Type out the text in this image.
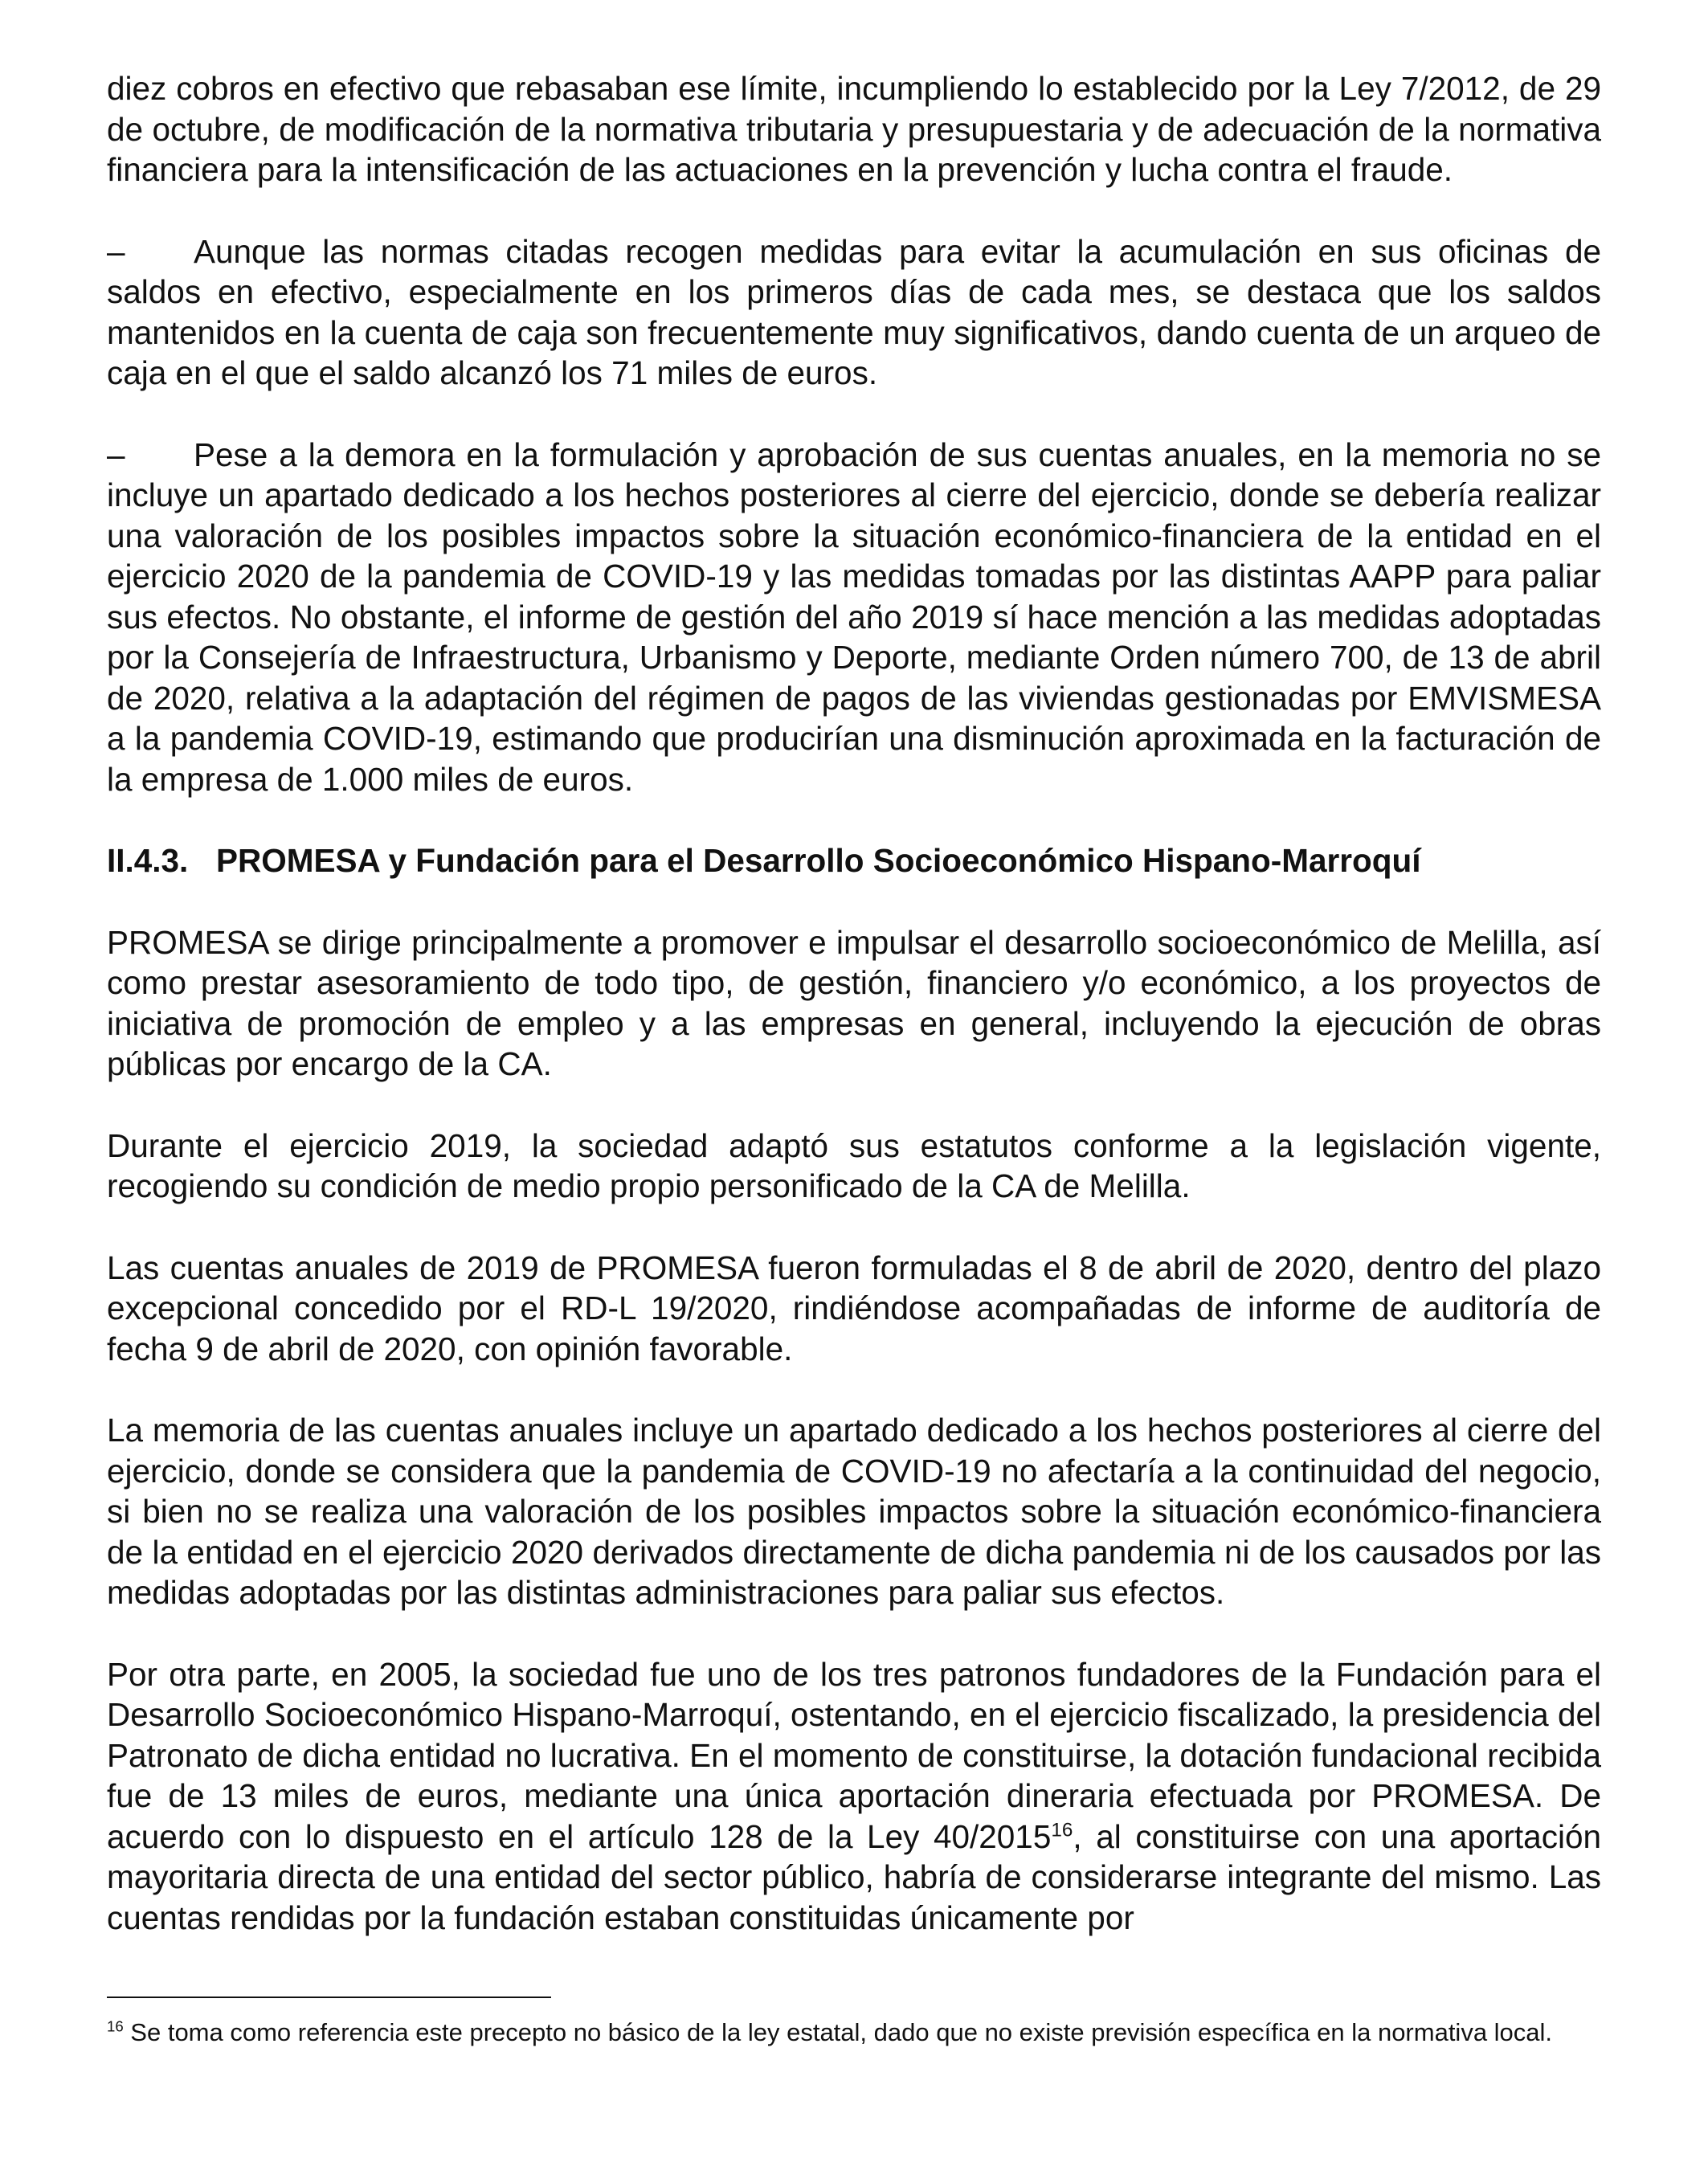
diez cobros en efectivo que rebasaban ese límite, incumpliendo lo establecido por la Ley 7/2012, de 29 de octubre, de modificación de la normativa tributaria y presupuestaria y de adecuación de la normativa financiera para la intensificación de las actuaciones en la prevención y lucha contra el fraude.

– Aunque las normas citadas recogen medidas para evitar la acumulación en sus oficinas de saldos en efectivo, especialmente en los primeros días de cada mes, se destaca que los saldos mantenidos en la cuenta de caja son frecuentemente muy significativos, dando cuenta de un arqueo de caja en el que el saldo alcanzó los 71 miles de euros.

– Pese a la demora en la formulación y aprobación de sus cuentas anuales, en la memoria no se incluye un apartado dedicado a los hechos posteriores al cierre del ejercicio, donde se debería realizar una valoración de los posibles impactos sobre la situación económico-financiera de la entidad en el ejercicio 2020 de la pandemia de COVID-19 y las medidas tomadas por las distintas AAPP para paliar sus efectos. No obstante, el informe de gestión del año 2019 sí hace mención a las medidas adoptadas por la Consejería de Infraestructura, Urbanismo y Deporte, mediante Orden número 700, de 13 de abril de 2020, relativa a la adaptación del régimen de pagos de las viviendas gestionadas por EMVISMESA a la pandemia COVID-19, estimando que producirían una disminución aproximada en la facturación de la empresa de 1.000 miles de euros.

II.4.3. PROMESA y Fundación para el Desarrollo Socioeconómico Hispano-Marroquí

PROMESA se dirige principalmente a promover e impulsar el desarrollo socioeconómico de Melilla, así como prestar asesoramiento de todo tipo, de gestión, financiero y/o económico, a los proyectos de iniciativa de promoción de empleo y a las empresas en general, incluyendo la ejecución de obras públicas por encargo de la CA.

Durante el ejercicio 2019, la sociedad adaptó sus estatutos conforme a la legislación vigente, recogiendo su condición de medio propio personificado de la CA de Melilla.

Las cuentas anuales de 2019 de PROMESA fueron formuladas el 8 de abril de 2020, dentro del plazo excepcional concedido por el RD-L 19/2020, rindiéndose acompañadas de informe de auditoría de fecha 9 de abril de 2020, con opinión favorable.

La memoria de las cuentas anuales incluye un apartado dedicado a los hechos posteriores al cierre del ejercicio, donde se considera que la pandemia de COVID-19 no afectaría a la continuidad del negocio, si bien no se realiza una valoración de los posibles impactos sobre la situación económico-financiera de la entidad en el ejercicio 2020 derivados directamente de dicha pandemia ni de los causados por las medidas adoptadas por las distintas administraciones para paliar sus efectos.

Por otra parte, en 2005, la sociedad fue uno de los tres patronos fundadores de la Fundación para el Desarrollo Socioeconómico Hispano-Marroquí, ostentando, en el ejercicio fiscalizado, la presidencia del Patronato de dicha entidad no lucrativa. En el momento de constituirse, la dotación fundacional recibida fue de 13 miles de euros, mediante una única aportación dineraria efectuada por PROMESA. De acuerdo con lo dispuesto en el artículo 128 de la Ley 40/2015$^{16}$, al constituirse con una aportación mayoritaria directa de una entidad del sector público, habría de considerarse integrante del mismo. Las cuentas rendidas por la fundación estaban constituidas únicamente por

$^{16}$ Se toma como referencia este precepto no básico de la ley estatal, dado que no existe previsión específica en la normativa local.
